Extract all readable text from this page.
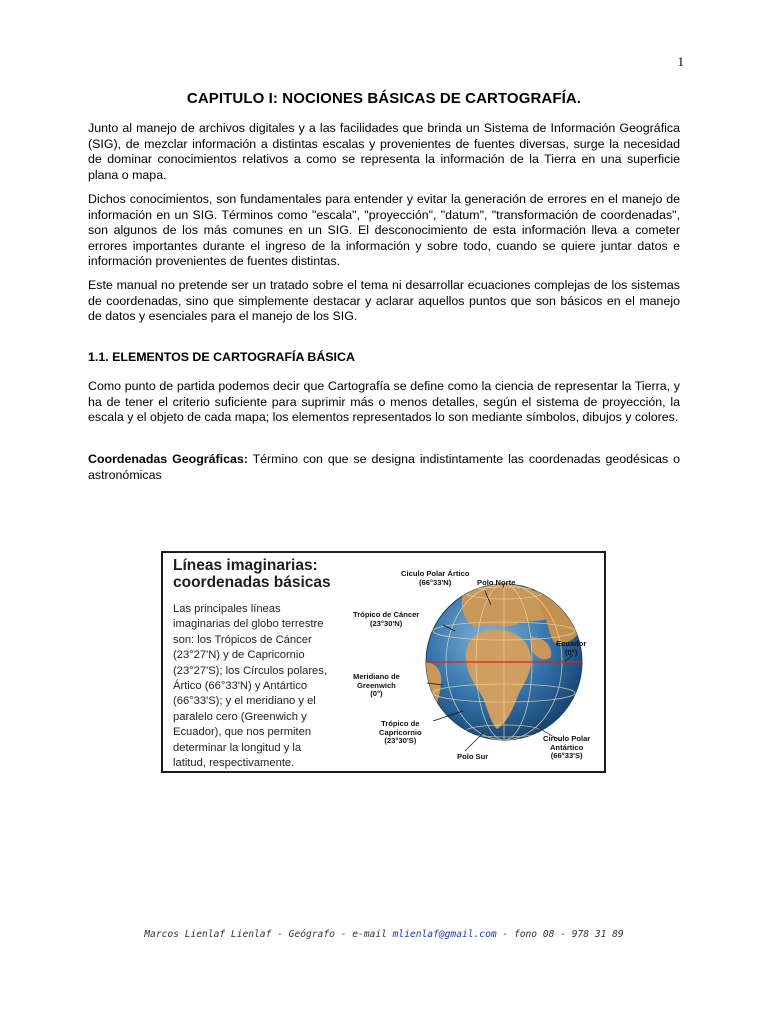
1
CAPITULO I: NOCIONES BÁSICAS DE CARTOGRAFÍA.

Junto al manejo de archivos digitales y a las facilidades que brinda un Sistema de Información Geográfica (SIG), de mezclar información a distintas escalas y provenientes de fuentes diversas, surge la necesidad de dominar conocimientos relativos a como se representa la información de la Tierra en una superficie plana o mapa.

Dichos conocimientos, son fundamentales para entender y evitar la generación de errores en el manejo de información en un SIG. Términos como "escala", "proyección", "datum", "transformación de coordenadas", son algunos de los más comunes en un SIG. El desconocimiento de esta información lleva a cometer errores importantes durante el ingreso de la información y sobre todo, cuando se quiere juntar datos e información provenientes de fuentes distintas.

Este manual no pretende ser un tratado sobre el tema ni desarrollar ecuaciones complejas de los sistemas de coordenadas, sino que simplemente destacar y aclarar aquellos puntos que son básicos en el manejo de datos y esenciales para el manejo de los SIG.

1.1. ELEMENTOS DE CARTOGRAFÍA BÁSICA

Como punto de partida podemos decir que Cartografía se define como la ciencia de representar la Tierra, y ha de tener el criterio suficiente para suprimir más o menos detalles, según el sistema de proyección, la escala y el objeto de cada mapa; los elementos representados lo son mediante símbolos, dibujos y colores.

Coordenadas Geográficas: Término con que se designa indistintamente las coordenadas geodésicas o astronómicas

Líneas imaginarias:
coordenadas básicas
Las principales líneas
imaginarias del globo terrestre
son: los Trópicos de Cáncer
(23°27'N) y de Capricornio
(23°27'S); los Círculos polares,
Ártico (66°33'N) y Antártico
(66°33'S); y el meridiano y el
paralelo cero (Greenwich y
Ecuador), que nos permiten
determinar la longitud y la
latitud, respectivamente.
Ciculo Polar Ártico
(66°33'N)	Polo Norte
Trópico de Cáncer
(23°30'N)
Ecuador
(0°)
Meridiano de
Greenwich
(0°)
Trópico de
Capricornio
(23°30'S)
Polo Sur
Circulo Polar
Antártico
(66°33'S)
Marcos Lienlaf Lienlaf - Geógrafo - e-mail mlienlaf@gmail.com - fono 08 - 978 31 89
